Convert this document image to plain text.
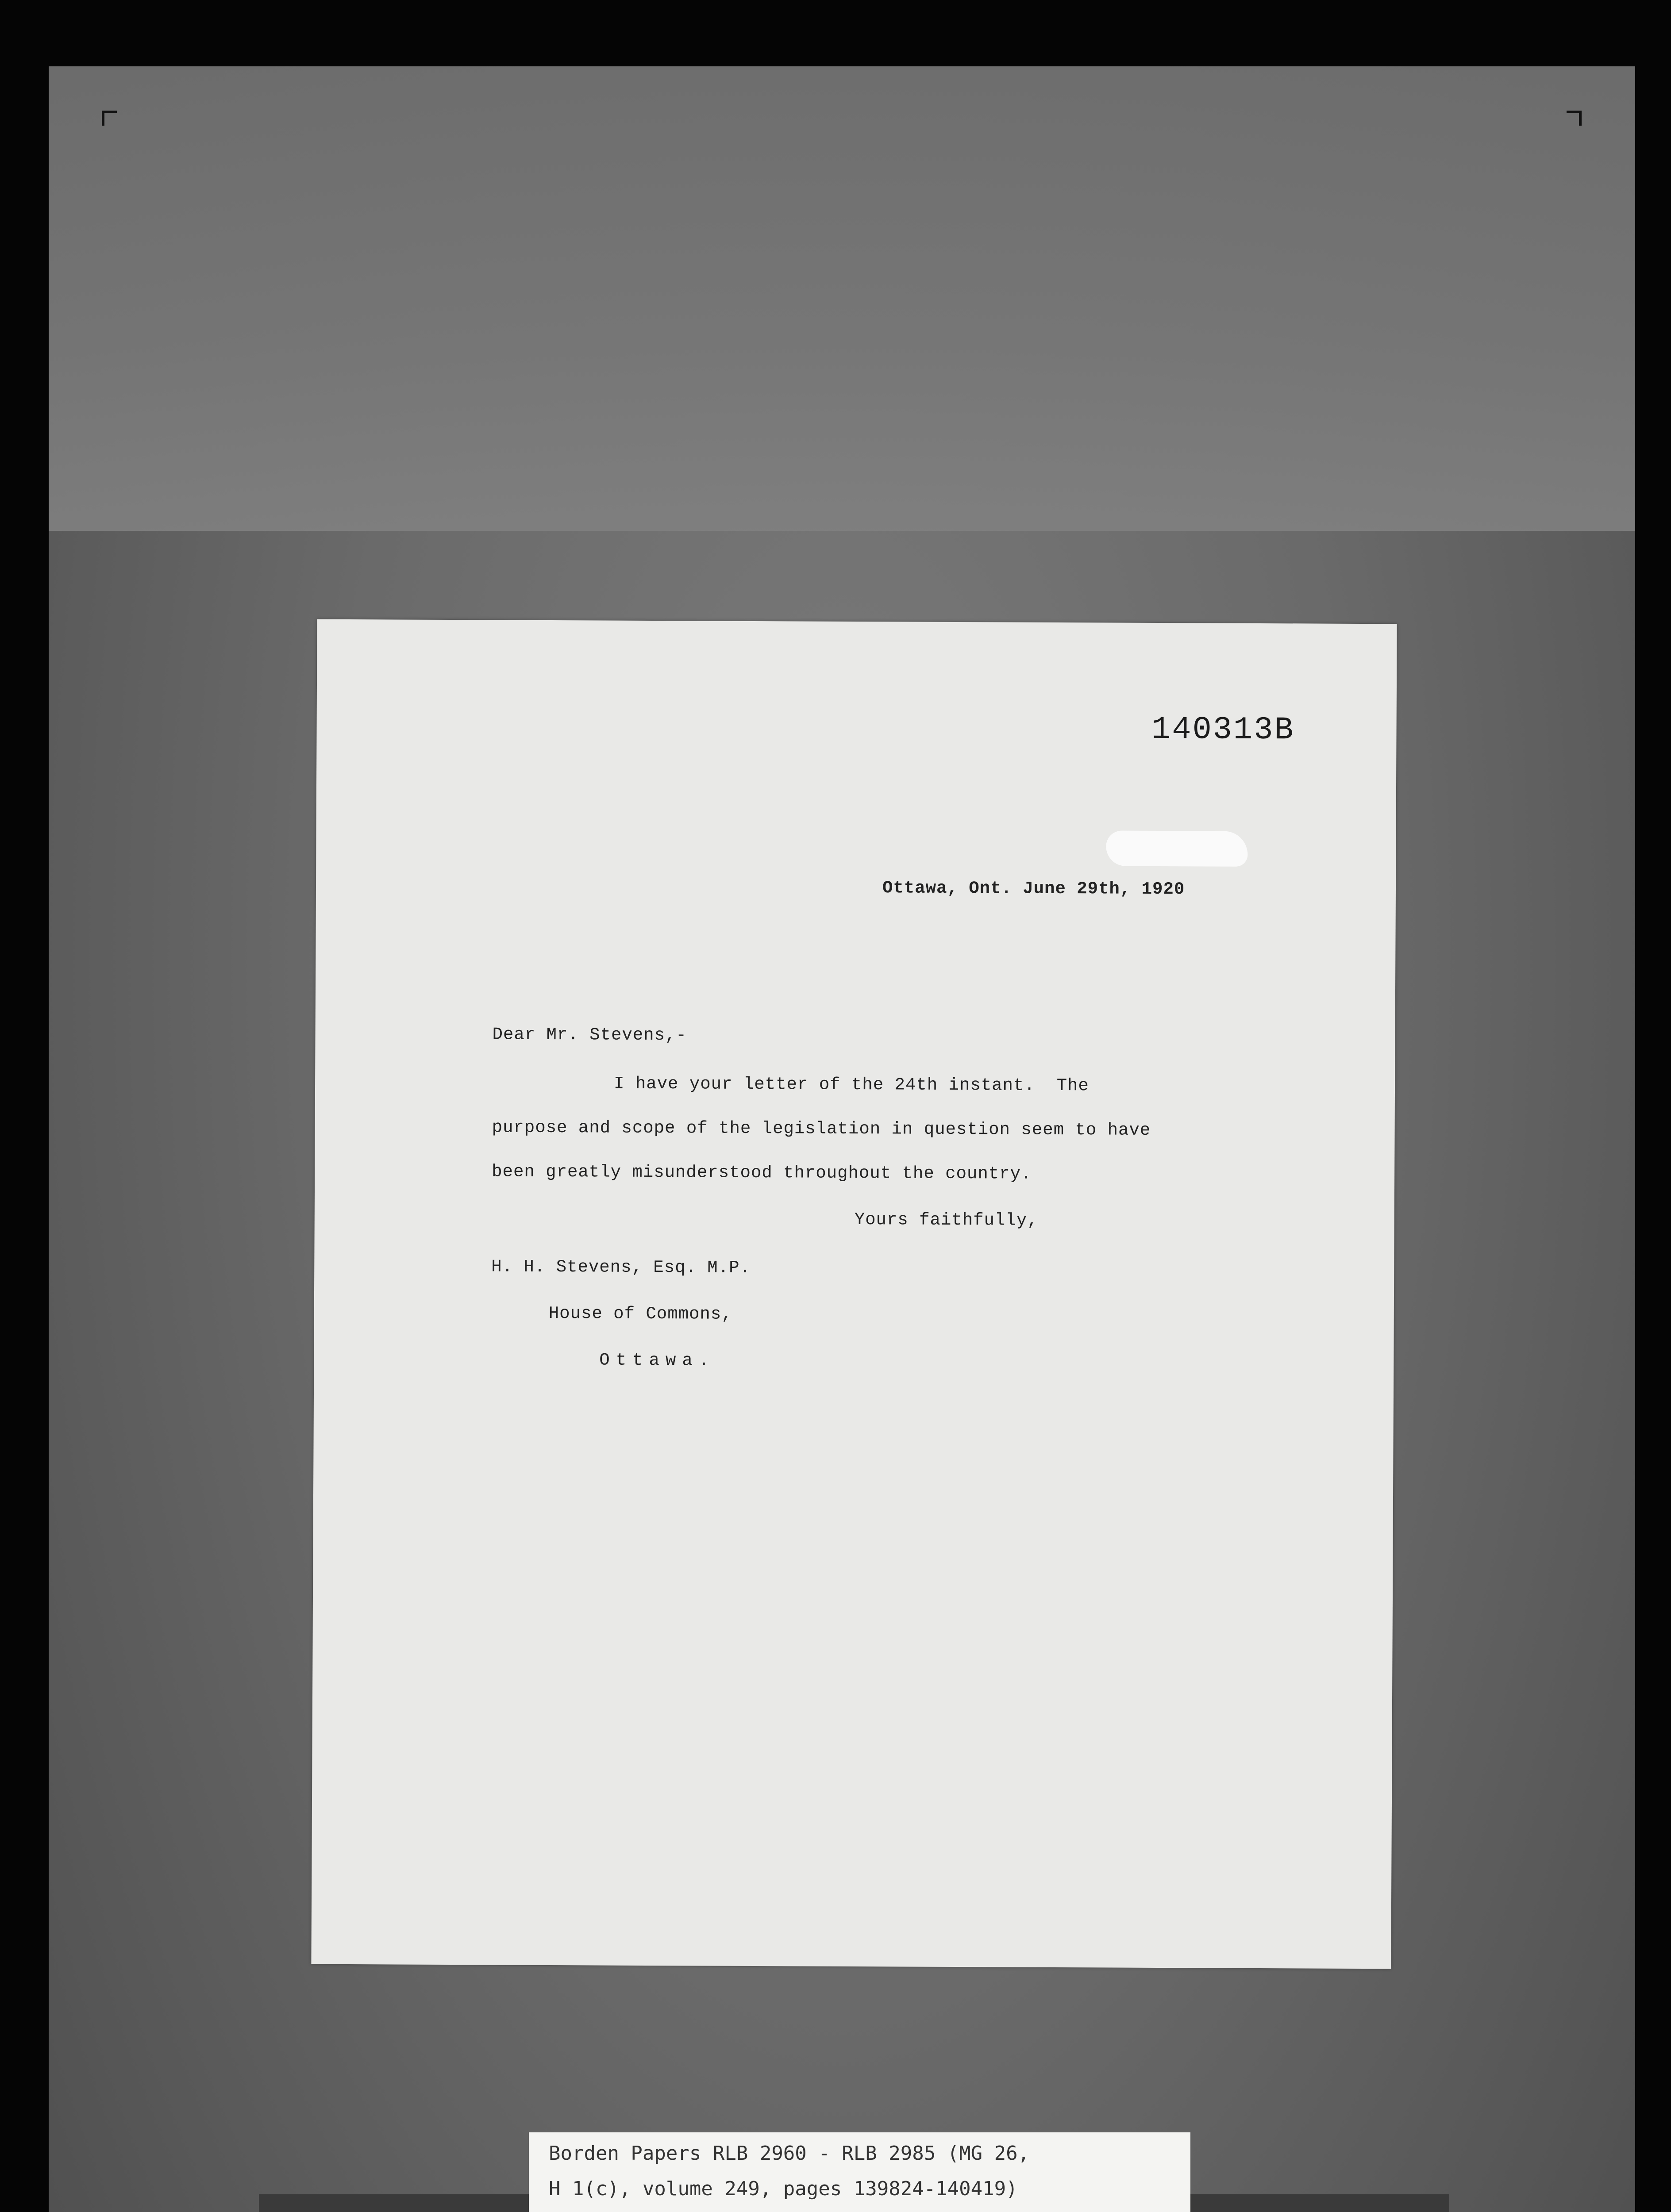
140313B
Ottawa, Ont. June 29th, 1920
Dear Mr. Stevens,-
I have your letter of the 24th instant.  The
purpose and scope of the legislation in question seem to have
been greatly misunderstood throughout the country.
Yours faithfully,
H. H. Stevens, Esq. M.P.
House of Commons,
Ottawa.
Borden Papers RLB 2960 - RLB 2985 (MG 26,
H 1(c), volume 249, pages 139824-140419)
